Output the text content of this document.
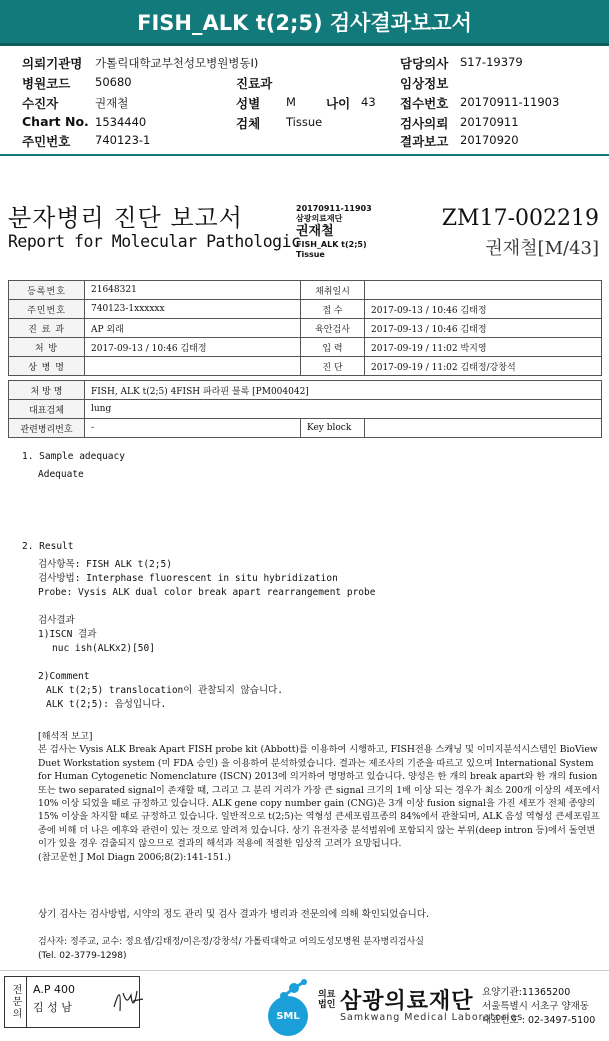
FISH_ALK t(2;5) 검사결과보고서
의뢰기관명 가톨릭대학교부천성모병원병동I)
병원코드 50680
수진자	권재철
Chart No. 1534440
주민번호 740123-1
진료과
성별 M 나이 43
검체 Tissue
담당의사 S17-19379
임상정보
접수번호 20170911-11903
검사의뢰 20170911
결과보고 20170920
분자병리 진단 보고서
Report for Molecular Pathologic
20170911-11903
삼광의료재단
권재철
FISH_ALK t(2;5)
Tissue
ZM17-002219
권재철[M/43]
등록번호	21648321	채취일시	
주민번호	740123-1xxxxxx	접 수	2017-09-13 / 10:46 김태정
진 료 과	AP 외래	육안검사	2017-09-13 / 10:46 김태정
처 방	2017-09-13 / 10:46 김태정	입 력	2017-09-19 / 11:02 박지영
상 병 명		진 단	2017-09-19 / 11:02 김태정/강창석
처 방 명	FISH, ALK t(2;5) 4FISH 파라핀 블록 [PM004042]		
대표검체	lung		
관련병리번호	-	Key block	
1. Sample adequacy
Adequate
2. Result
검사항목: FISH ALK t(2;5)
검사방법: Interphase fluorescent in situ hybridization
Probe: Vysis ALK dual color break apart rearrangement probe
검사결과
1)ISCN 결과
nuc ish(ALKx2)[50]
2)Comment
ALK t(2;5) translocation이 관찰되지 않습니다.
ALK t(2;5): 음성입니다.

[해석적 보고]

본 검사는 Vysis ALK Break Apart FISH probe kit (Abbott)를 이용하여 시행하고, FISH전용 스캐닝 및 이미지분석시스템인 BioView Duet Workstation system (미 FDA 승인) 을 이용하여 분석하였습니다. 결과는 제조사의 기준을 따르고 있으며 International System for Human Cytogenetic Nomenclature (ISCN) 2013에 의거하여 명명하고 있습니다. 양성은 한 개의 break apart와 한 개의 fusion 또는 two separated signal이 존재할 때, 그리고 그 분리 거리가 가장 큰 signal 크기의 1배 이상 되는 경우가 최소 200개 이상의 세포에서 10% 이상 되었을 때로 규정하고 있습니다. ALK gene copy number gain (CNG)은 3개 이상 fusion signal을 가진 세포가 전체 종양의 15% 이상을 차지할 때로 규정하고 있습니다. 일반적으로 t(2;5)는 역형성 큰세포림프종의 84%에서 관찰되며, ALK 음성 역형성 큰세포림프종에 비해 더 나은 예후와 관련이 있는 것으로 알려져 있습니다. 상기 유전자중 분석범위에 포함되지 않는 부위(deep intron 등)에서 돌연변이가 있을 경우 검출되지 않으므로 결과의 해석과 적용에 적절한 임상적 고려가 요망됩니다.

(참고문헌 J Mol Diagn 2006;8(2):141-151.)

상기 검사는 검사방법, 시약의 정도 관리 및 검사 결과가 병리과 전문의에 의해 확인되었습니다.
검사자: 정주교, 교수: 정요셉/김태정/이은정/강창석/ 가톨릭대학교 여의도성모병원 분자병리검사실
(Tel. 02-3779-1298)
전문의	A.P 400
김 성 남
SML
의료
법인 삼광의료재단
Samkwang Medical Laboratories
요양기관:11365200
서울특별시 서초구 양재동
대표번호 : 02-3497-5100
